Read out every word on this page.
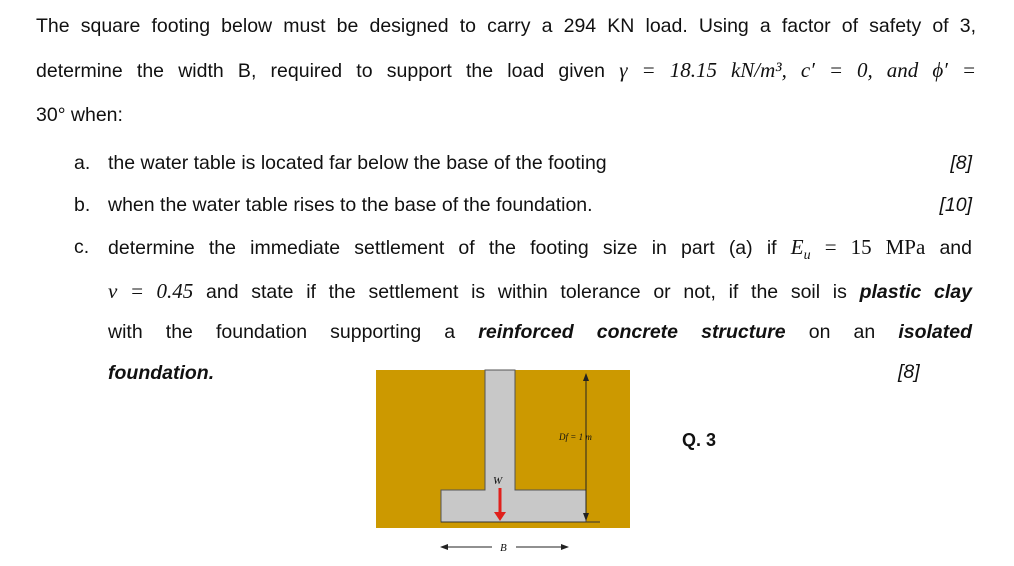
The square footing below must be designed to carry a 294 KN load. Using a factor of safety of 3,
determine the width B, required to support the load given γ = 18.15 kN/m³, c′ = 0, and ϕ′ =
30° when:
a. the water table is located far below the base of the footing	[8]
b. when the water table rises to the base of the foundation.	[10]
c. determine the immediate settlement of the footing size in part (a) if $E_u = 15$ MPa and
v = 0.45 and state if the settlement is within tolerance or not, if the soil is plastic clay
with the foundation supporting a reinforced concrete structure on an isolated
foundation.	[8]
Df = 1 m
W
B
Q. 3
